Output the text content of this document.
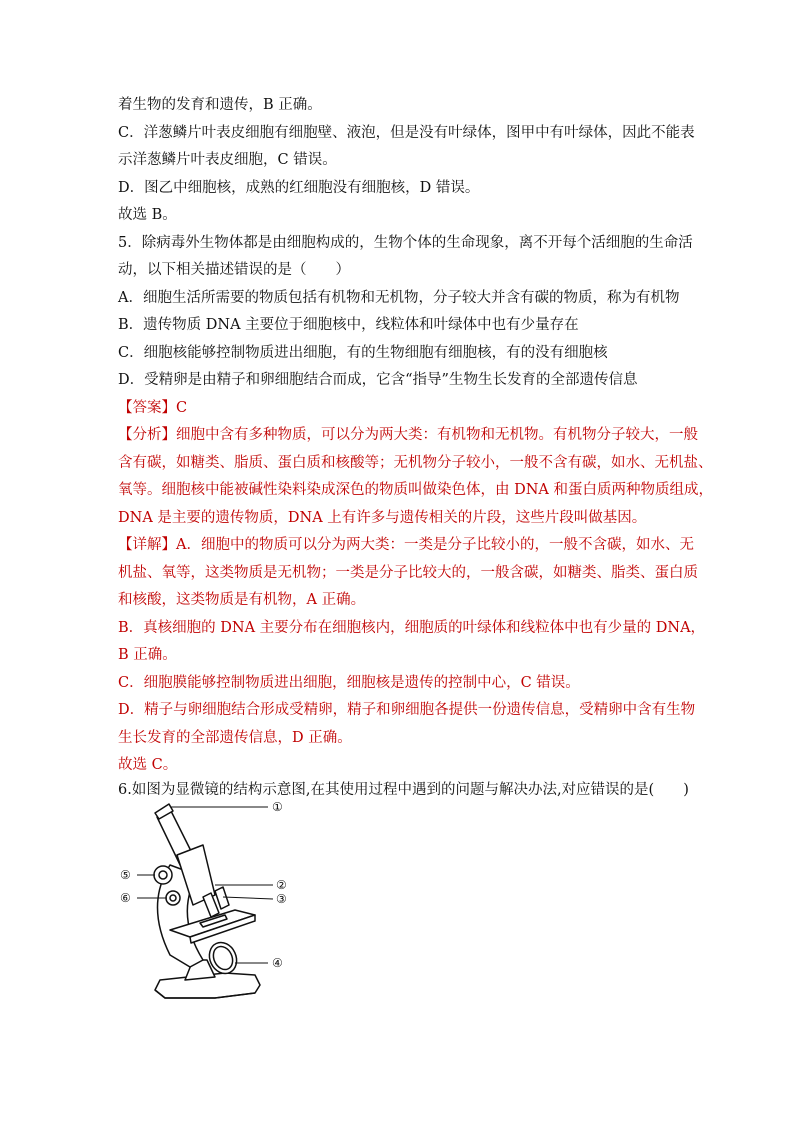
着生物的发育和遗传，B 正确。
C．洋葱鳞片叶表皮细胞有细胞壁、液泡，但是没有叶绿体，图甲中有叶绿体，因此不能表
示洋葱鳞片叶表皮细胞，C 错误。
D．图乙中细胞核，成熟的红细胞没有细胞核，D 错误。
故选 B。
5．除病毒外生物体都是由细胞构成的，生物个体的生命现象，离不开每个活细胞的生命活
动，以下相关描述错误的是（　　）
A．细胞生活所需要的物质包括有机物和无机物，分子较大并含有碳的物质，称为有机物
B．遗传物质 DNA 主要位于细胞核中，线粒体和叶绿体中也有少量存在
C．细胞核能够控制物质进出细胞，有的生物细胞有细胞核，有的没有细胞核
D．受精卵是由精子和卵细胞结合而成，它含“指导”生物生长发育的全部遗传信息
【答案】C
【分析】细胞中含有多种物质，可以分为两大类：有机物和无机物。有机物分子较大，一般
含有碳，如糖类、脂质、蛋白质和核酸等；无机物分子较小，一般不含有碳，如水、无机盐、
氧等。细胞核中能被碱性染料染成深色的物质叫做染色体，由 DNA 和蛋白质两种物质组成，
DNA 是主要的遗传物质，DNA 上有许多与遗传相关的片段，这些片段叫做基因。
【详解】A．细胞中的物质可以分为两大类：一类是分子比较小的，一般不含碳，如水、无
机盐、氧等，这类物质是无机物；一类是分子比较大的，一般含碳，如糖类、脂类、蛋白质
和核酸，这类物质是有机物，A 正确。
B．真核细胞的 DNA 主要分布在细胞核内，细胞质的叶绿体和线粒体中也有少量的 DNA，
B 正确。
C．细胞膜能够控制物质进出细胞，细胞核是遗传的控制中心，C 错误。
D．精子与卵细胞结合形成受精卵，精子和卵细胞各提供一份遗传信息，受精卵中含有生物
生长发育的全部遗传信息，D 正确。
故选 C。
6.如图为显微镜的结构示意图,在其使用过程中遇到的问题与解决办法,对应错误的是(　　)
①
②
③
④
⑤
⑥
